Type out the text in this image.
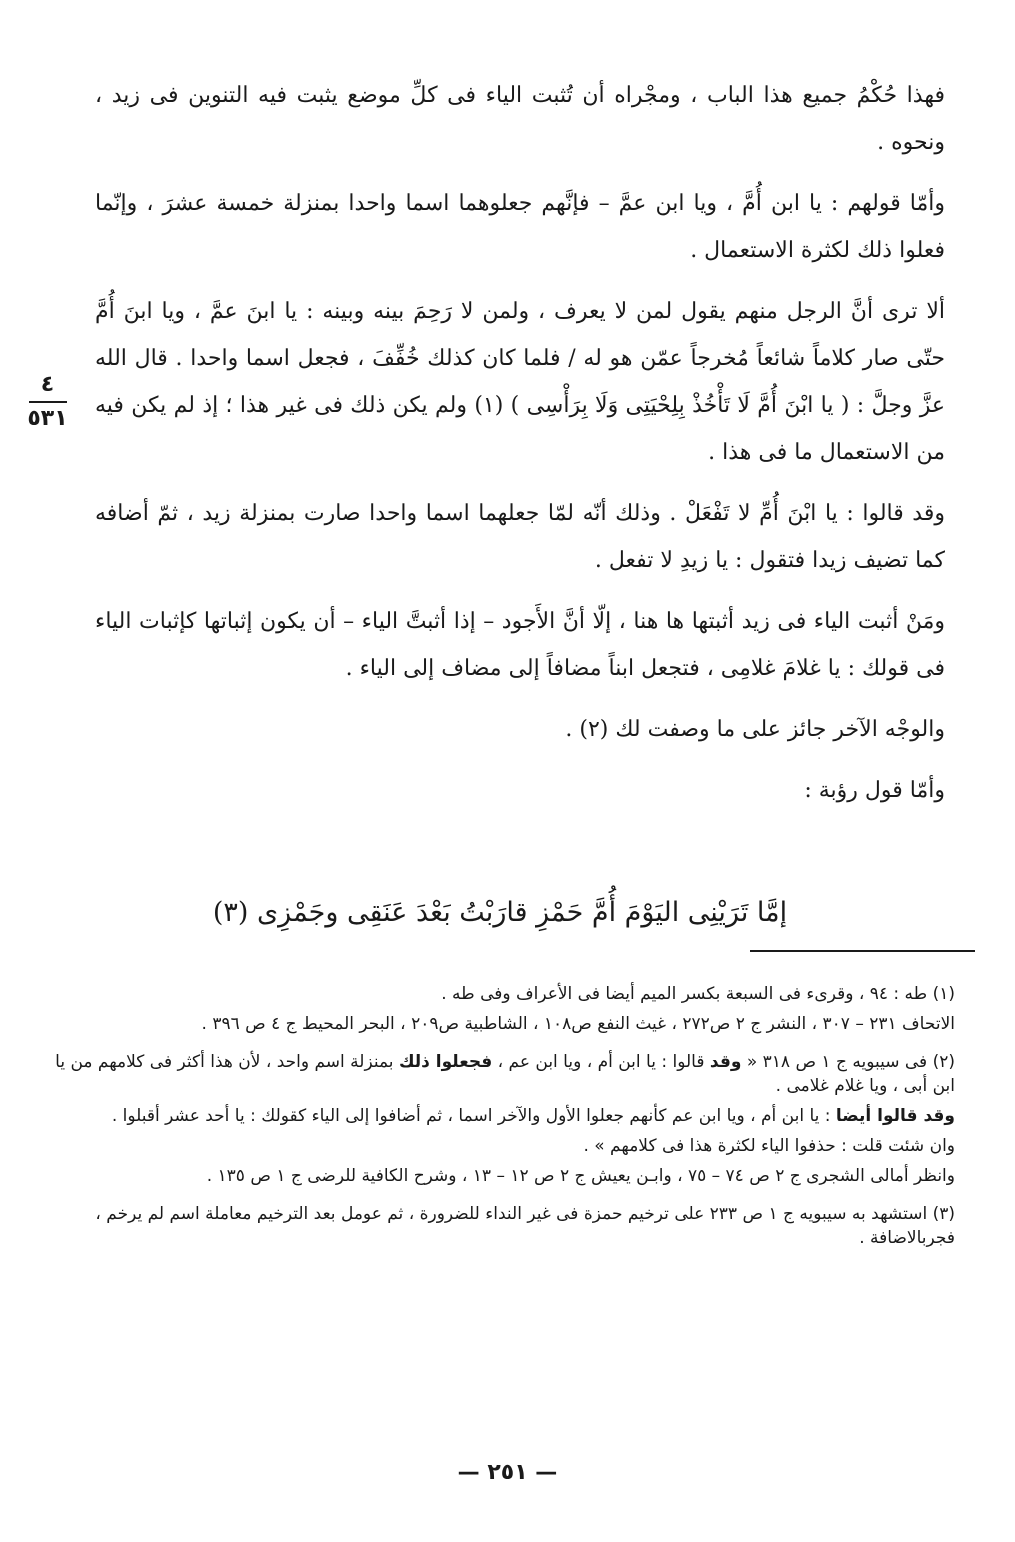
فهذا حُكْمُ جميع هذا الباب ، ومجْراه أن تُثبت الياء فى كلِّ موضع يثبت فيه التنوين فى زيد ، ونحوه .

وأمّا قولهم : يا ابن أُمَّ ، ويا ابن عمَّ – فإنَّهم جعلوهما اسما واحدا بمنزلة خمسة عشرَ ، وإنّما فعلوا ذلك لكثرة الاستعمال .

ألا ترى أنَّ الرجل منهم يقول لمن لا يعرف ، ولمن لا رَحِمَ بينه وبينه : يا ابنَ عمَّ ، ويا ابنَ أُمَّ حتّى صار كلاماً شائعاً مُخرجاً عمّن هو له / فلما كان كذلك خُفِّفَ ، فجعل اسما واحدا . قال الله عزَّ وجلَّ : ( يا ابْنَ أُمَّ لَا تَأْخُذْ بِلِحْيَتِى وَلَا بِرَأْسِى ) (١) ولم يكن ذلك فى غير هذا ؛ إذ لم يكن فيه من الاستعمال ما فى هذا .

وقد قالوا : يا ابْنَ أُمِّ لا تَفْعَلْ . وذلك أنّه لمّا جعلهما اسما واحدا صارت بمنزلة زيد ، ثمّ أضافه كما تضيف زيدا فتقول : يا زيدِ لا تفعل .

ومَنْ أثبت الياء فى زيد أثبتها ها هنا ، إلّا أنَّ الأَجود – إذا أثبتَّ الياء – أن يكون إثباتها كإثبات الياء فى قولك : يا غلامَ غلامِى ، فتجعل ابناً مضافاً إلى مضاف إلى الياء .

والوجْه الآخر جائز على ما وصفت لك (٢) .

وأمّا قول رؤبة :

إمَّا تَرَيْنِى اليَوْمَ أُمَّ حَمْزِ قارَبْتُ بَعْدَ عَنَقِى وجَمْزِى (٣)
٤
٥٣١

(١) طه : ٩٤ ، وقرىء فى السبعة بكسر الميم أيضا فى الأعراف وفى طه .

الاتحاف ٢٣١ – ٣٠٧ ، النشر ج ٢ ص٢٧٢ ، غيث النفع ص١٠٨ ، الشاطبية ص٢٠٩ ، البحر المحيط ج ٤ ص ٣٩٦ .

(٢) فى سيبويه ج ١ ص ٣١٨ « وقد قالوا : يا ابن أم ، ويا ابن عم ، فجعلوا ذلك بمنزلة اسم واحد ، لأن هذا أكثر فى كلامهم من يا ابن أبى ، ويا غلام غلامى .

وقد قالوا أيضا : يا ابن أم ، ويا ابن عم كأنهم جعلوا الأول والآخر اسما ، ثم أضافوا إلى الياء كقولك : يا أحد عشر أقبلوا .

وان شئت قلت : حذفوا الياء لكثرة هذا فى كلامهم » .

وانظر أمالى الشجرى ج ٢ ص ٧٤ – ٧٥ ، وابـن يعيش ج ٢ ص ١٢ – ١٣ ، وشرح الكافية للرضى ج ١ ص ١٣٥ .

(٣) استشهد به سيبويه ج ١ ص ٢٣٣ على ترخيم حمزة فى غير النداء للضرورة ، ثم عومل بعد الترخيم معاملة اسم لم يرخم ، فجربالاضافة .

— ٢٥١ —
